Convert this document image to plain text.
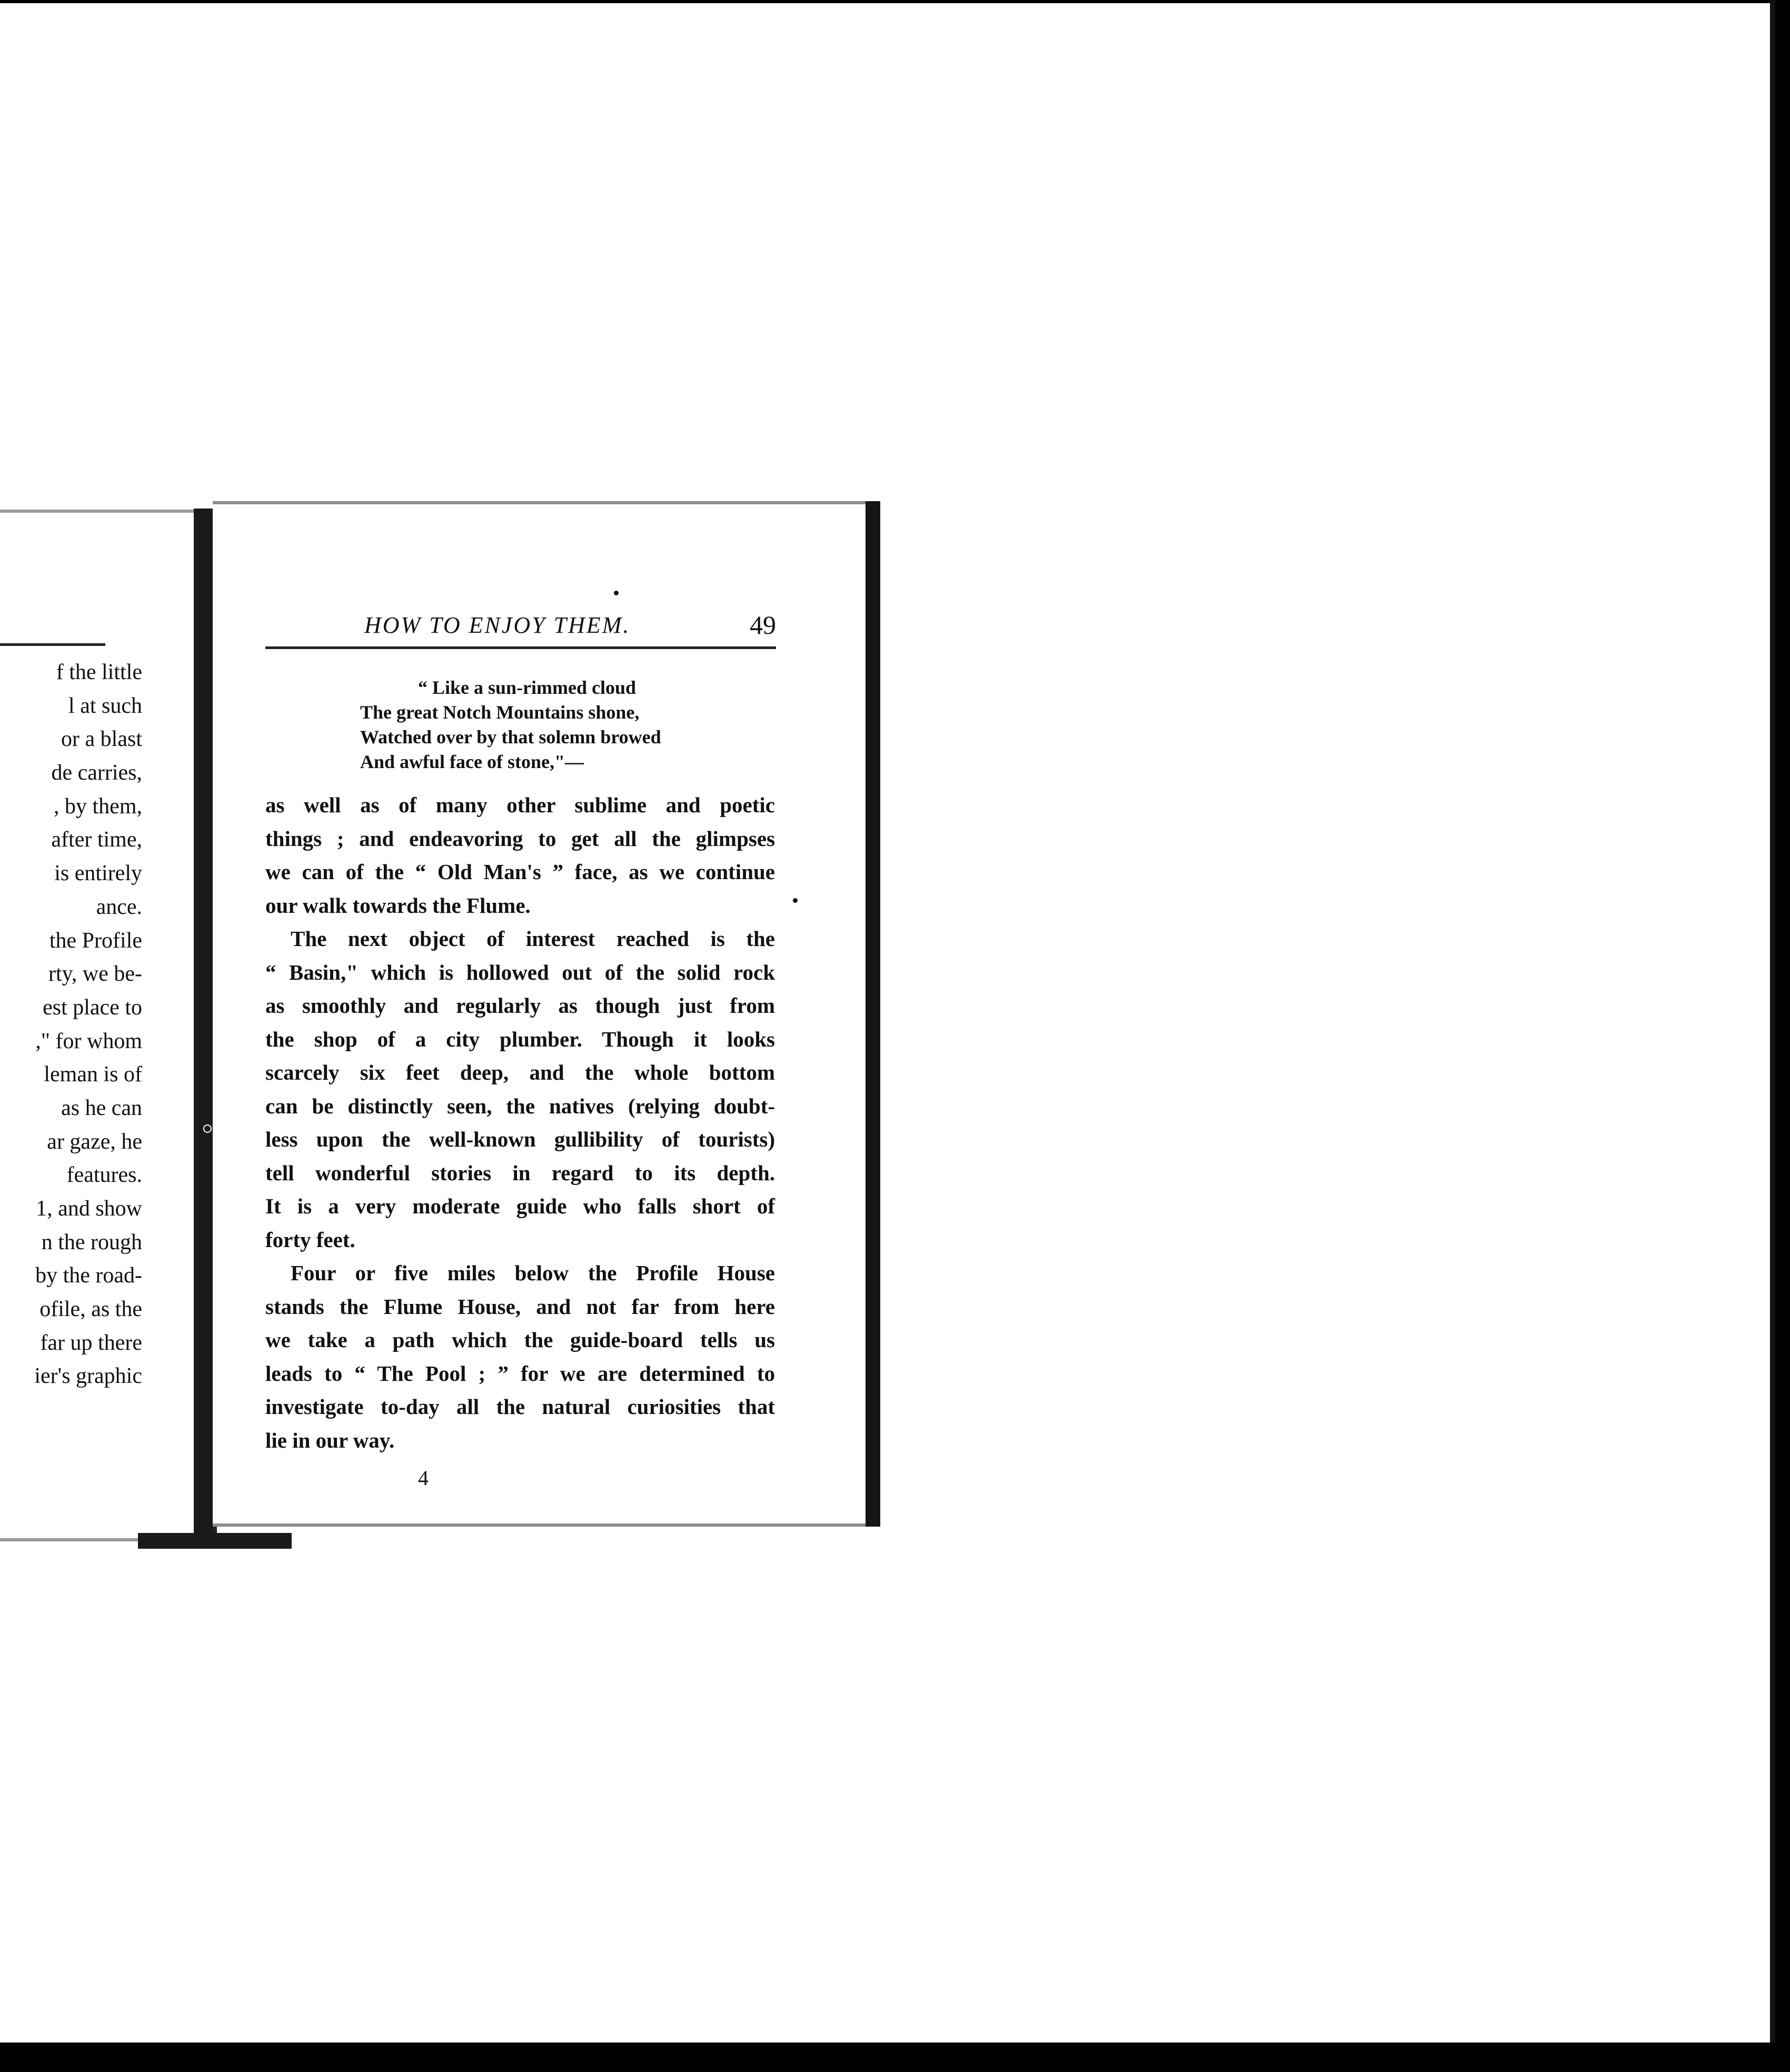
f the little
l at such
or a blast
de carries,
, by them,
after time,
is entirely
ance.
the Profile
rty, we be-
est place to
," for whom
leman is of
as he can
ar gaze, he
features.
1, and show
n the rough
by the road-
ofile, as the
far up there
ier's graphic
HOW TO ENJOY THEM.	49
“ Like a sun-rimmed cloud
The great Notch Mountains shone,
Watched over by that solemn browed
And awful face of stone,"—
as well as of many other sublime and poetic
things ; and endeavoring to get all the glimpses
we can of the “ Old Man's ” face, as we continue
our walk towards the Flume.
The next object of interest reached is the
“ Basin," which is hollowed out of the solid rock
as smoothly and regularly as though just from
the shop of a city plumber. Though it looks
scarcely six feet deep, and the whole bottom
can be distinctly seen, the natives (relying doubt-
less upon the well-known gullibility of tourists)
tell wonderful stories in regard to its depth.
It is a very moderate guide who falls short of
forty feet.
Four or five miles below the Profile House
stands the Flume House, and not far from here
we take a path which the guide-board tells us
leads to “ The Pool ; ” for we are determined to
investigate to-day all the natural curiosities that
lie in our way.
4
